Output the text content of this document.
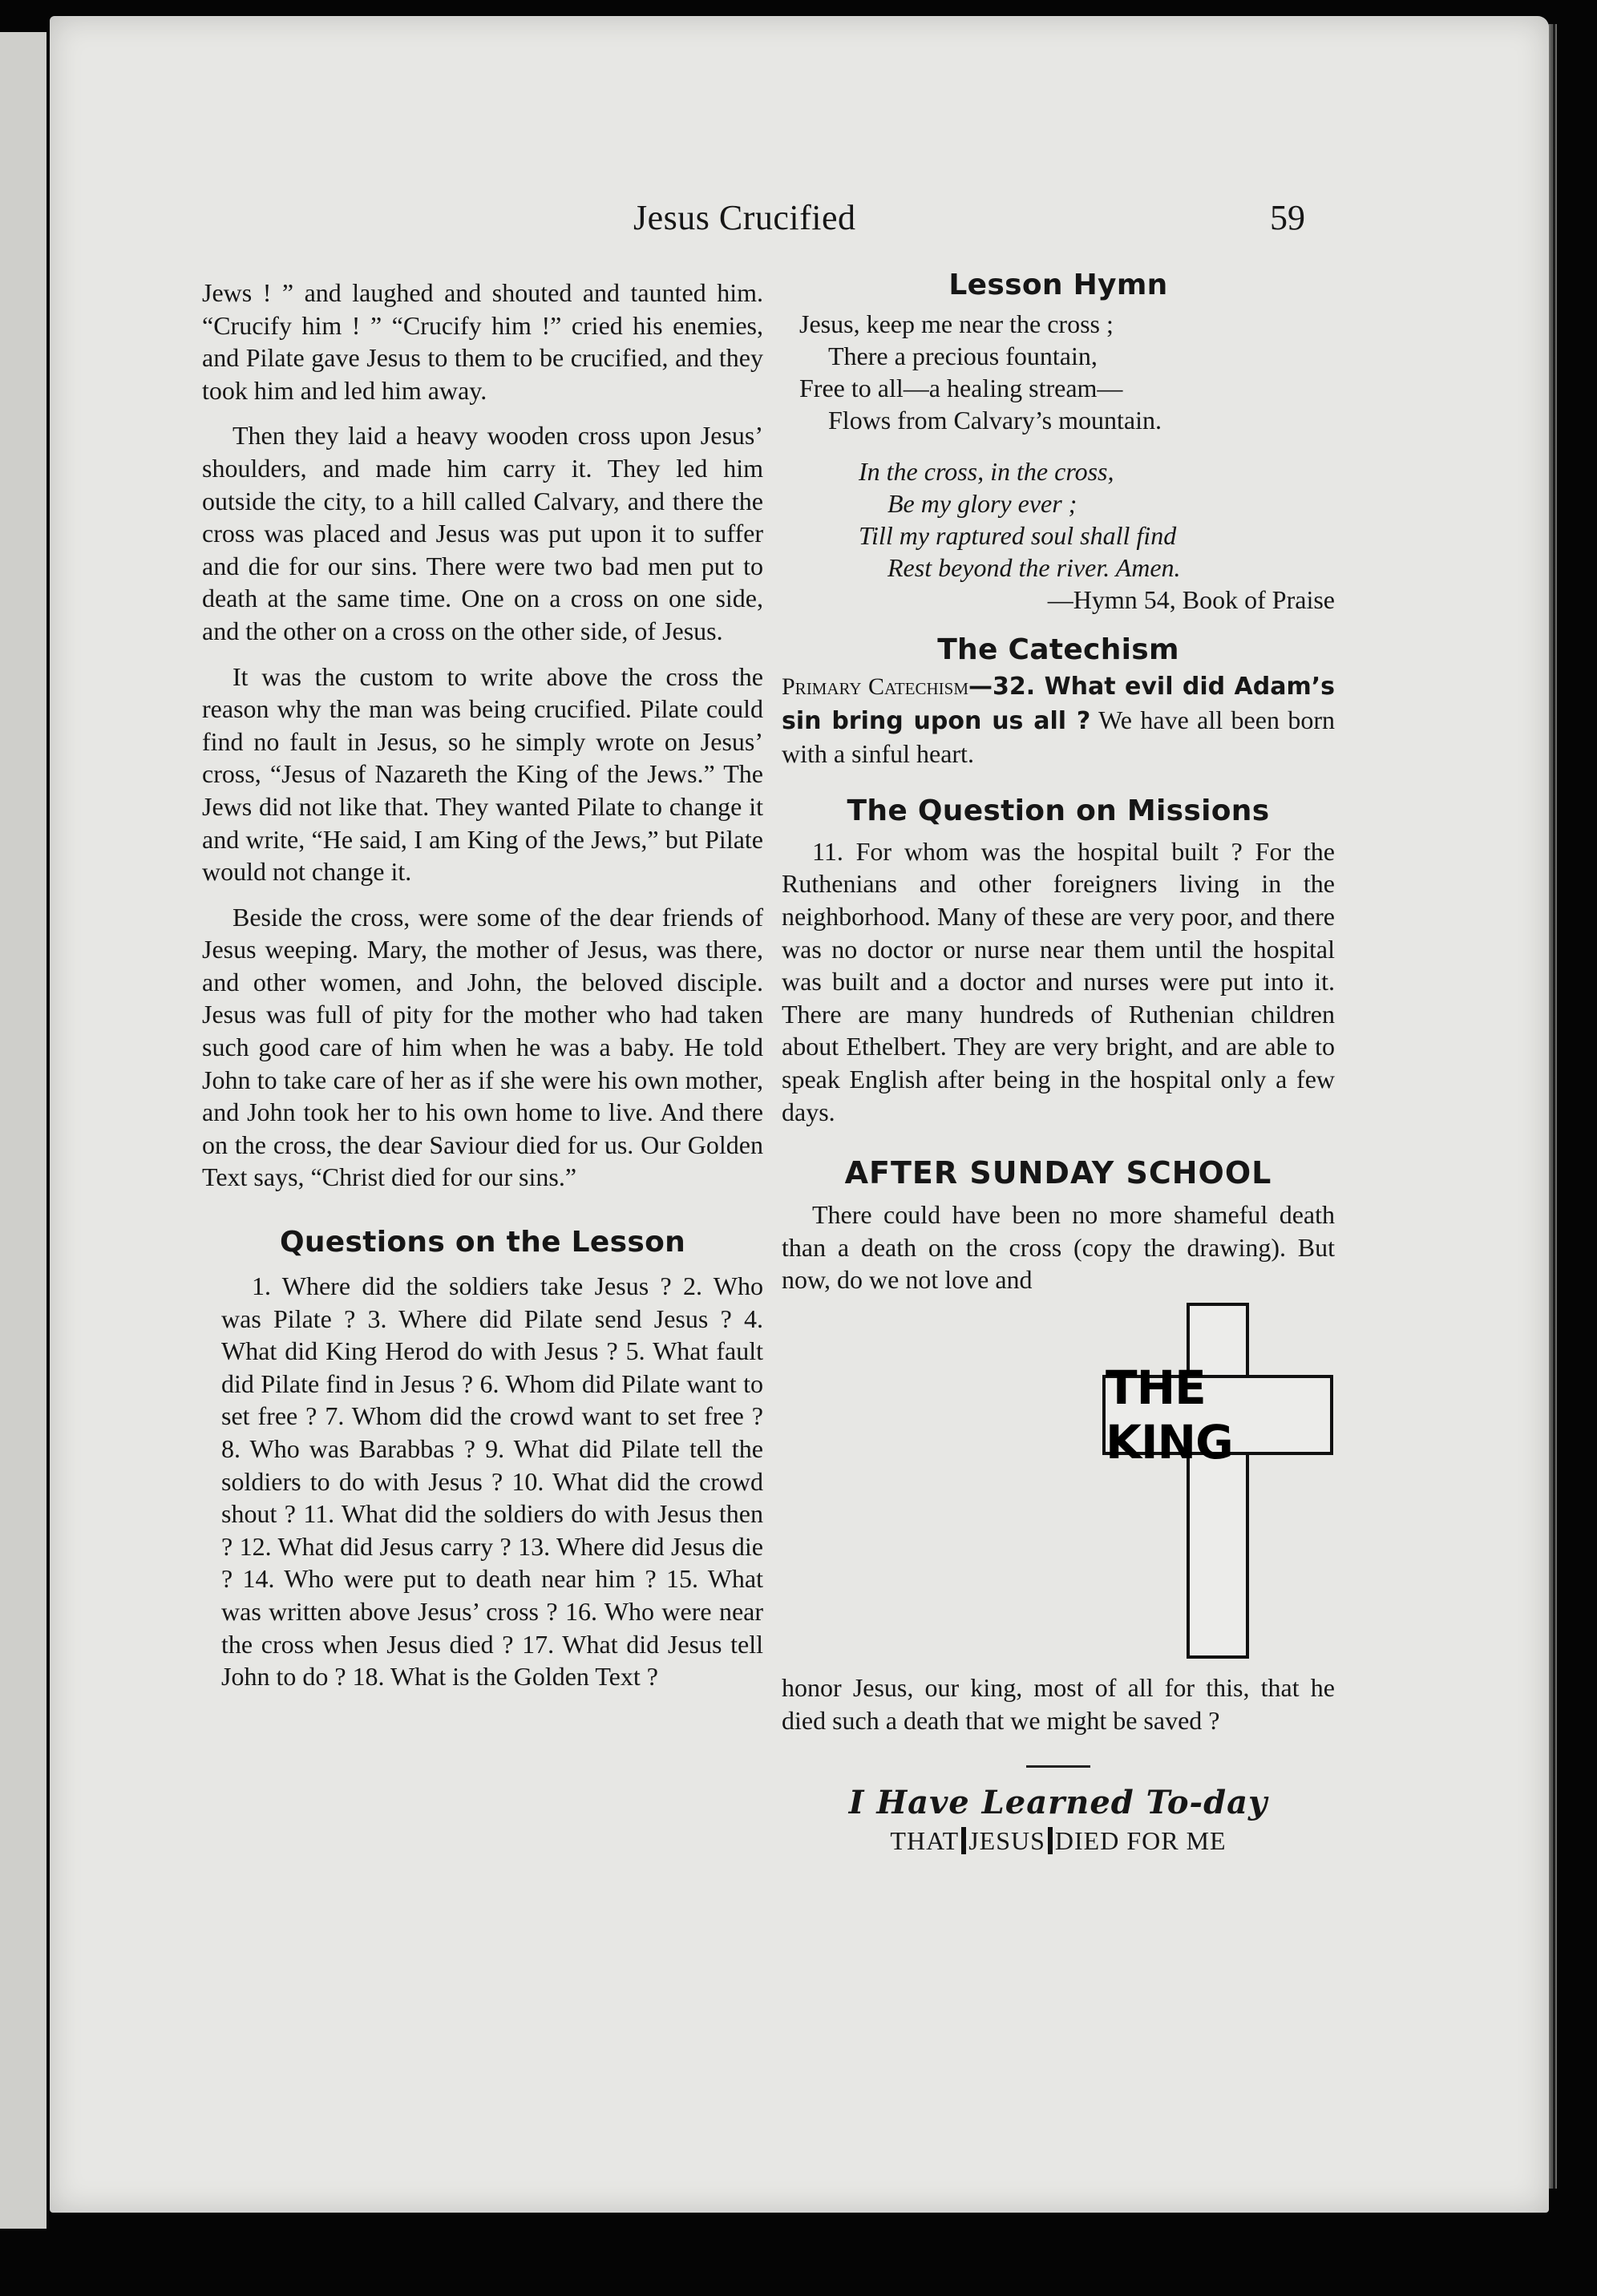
Jesus Crucified	59

Jews ! ” and laughed and shouted and taunted him. “Crucify him ! ” “Crucify him !” cried his enemies, and Pilate gave Jesus to them to be crucified, and they took him and led him away.

Then they laid a heavy wooden cross upon Jesus’ shoulders, and made him carry it. They led him outside the city, to a hill called Calvary, and there the cross was placed and Jesus was put upon it to suffer and die for our sins. There were two bad men put to death at the same time. One on a cross on one side, and the other on a cross on the other side, of Jesus.

It was the custom to write above the cross the reason why the man was being crucified. Pilate could find no fault in Jesus, so he simply wrote on Jesus’ cross, “Jesus of Nazareth the King of the Jews.” The Jews did not like that. They wanted Pilate to change it and write, “He said, I am King of the Jews,” but Pilate would not change it.

Beside the cross, were some of the dear friends of Jesus weeping. Mary, the mother of Jesus, was there, and other women, and John, the beloved disciple. Jesus was full of pity for the mother who had taken such good care of him when he was a baby. He told John to take care of her as if she were his own mother, and John took her to his own home to live. And there on the cross, the dear Saviour died for us. Our Golden Text says, “Christ died for our sins.”

Questions on the Lesson

1. Where did the soldiers take Jesus ? 2. Who was Pilate ? 3. Where did Pilate send Jesus ? 4. What did King Herod do with Jesus ? 5. What fault did Pilate find in Jesus ? 6. Whom did Pilate want to set free ? 7. Whom did the crowd want to set free ? 8. Who was Barabbas ? 9. What did Pilate tell the soldiers to do with Jesus ? 10. What did the crowd shout ? 11. What did the soldiers do with Jesus then ? 12. What did Jesus carry ? 13. Where did Jesus die ? 14. Who were put to death near him ? 15. What was written above Jesus’ cross ? 16. Who were near the cross when Jesus died ? 17. What did Jesus tell John to do ? 18. What is the Golden Text ?

Lesson Hymn
Jesus, keep me near the cross ;
There a precious fountain,
Free to all—a healing stream—
Flows from Calvary’s mountain.
In the cross, in the cross,
Be my glory ever ;
Till my raptured soul shall find
Rest beyond the river. Amen.
—Hymn 54, Book of Praise
The Catechism

Primary Catechism—32. What evil did Adam’s sin bring upon us all ? We have all been born with a sinful heart.

The Question on Missions

11. For whom was the hospital built ? For the Ruthenians and other foreigners living in the neighborhood. Many of these are very poor, and there was no doctor or nurse near them until the hospital was built and a doctor and nurses were put into it. There are many hundreds of Ruthenian children about Ethelbert. They are very bright, and are able to speak English after being in the hospital only a few days.

AFTER SUNDAY SCHOOL

There could have been no more shameful death than a death on the cross (copy the drawing). But now, do we not love and

THE KING

honor Jesus, our king, most of all for this, that he died such a death that we might be saved ?

I Have Learned To-day
THAT JESUS DIED FOR ME
